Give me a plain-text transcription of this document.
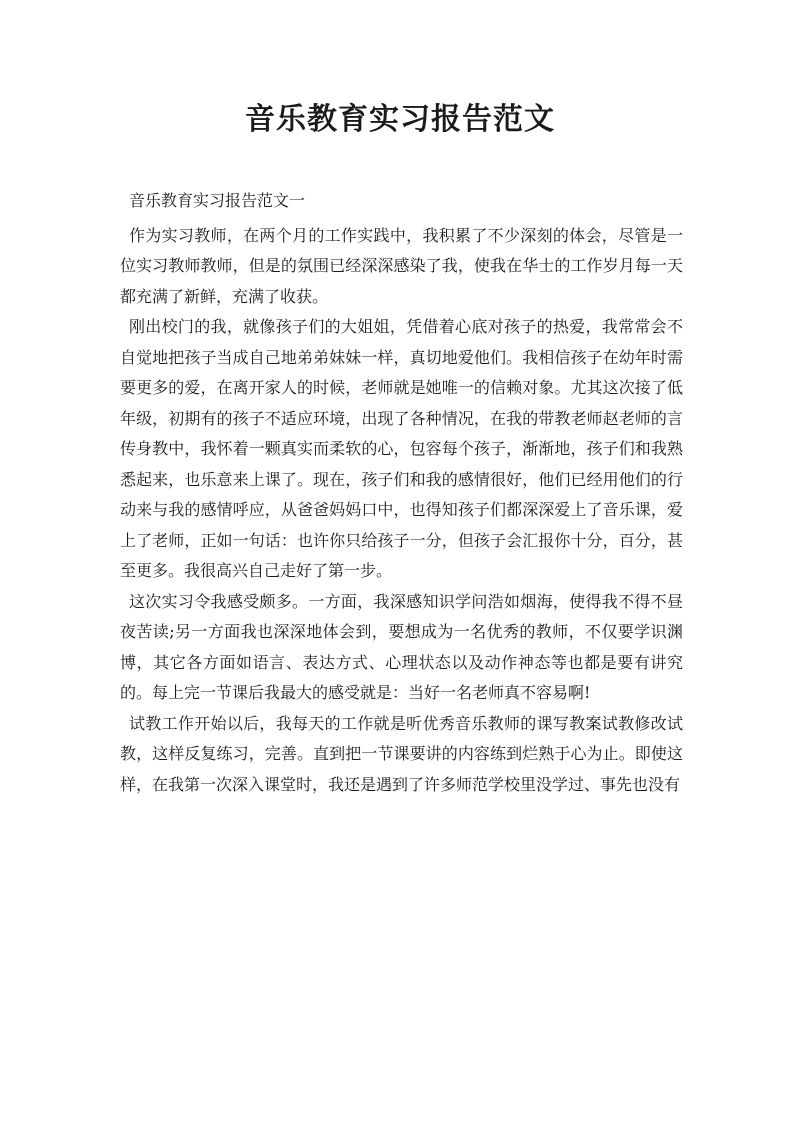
音乐教育实习报告范文

音乐教育实习报告范文一

作为实习教师，在两个月的工作实践中，我积累了不少深刻的体会，尽管是一位实习教师教师，但是的氛围已经深深感染了我，使我在华士的工作岁月每一天都充满了新鲜，充满了收获。

刚出校门的我，就像孩子们的大姐姐，凭借着心底对孩子的热爱，我常常会不自觉地把孩子当成自己地弟弟妹妹一样，真切地爱他们。我相信孩子在幼年时需要更多的爱，在离开家人的时候，老师就是她唯一的信赖对象。尤其这次接了低年级，初期有的孩子不适应环境，出现了各种情况，在我的带教老师赵老师的言传身教中，我怀着一颗真实而柔软的心，包容每个孩子，渐渐地，孩子们和我熟悉起来，也乐意来上课了。现在，孩子们和我的感情很好，他们已经用他们的行动来与我的感情呼应，从爸爸妈妈口中，也得知孩子们都深深爱上了音乐课，爱上了老师，正如一句话：也许你只给孩子一分，但孩子会汇报你十分，百分，甚至更多。我很高兴自己走好了第一步。

这次实习令我感受颇多。一方面，我深感知识学问浩如烟海，使得我不得不昼夜苦读;另一方面我也深深地体会到，要想成为一名优秀的教师，不仅要学识渊博，其它各方面如语言、表达方式、心理状态以及动作神态等也都是要有讲究的。每上完一节课后我最大的感受就是：当好一名老师真不容易啊!

试教工作开始以后，我每天的工作就是听优秀音乐教师的课写教案试教修改试教，这样反复练习，完善。直到把一节课要讲的内容练到烂熟于心为止。即使这样，在我第一次深入课堂时，我还是遇到了许多师范学校里没学过、事先也没有
